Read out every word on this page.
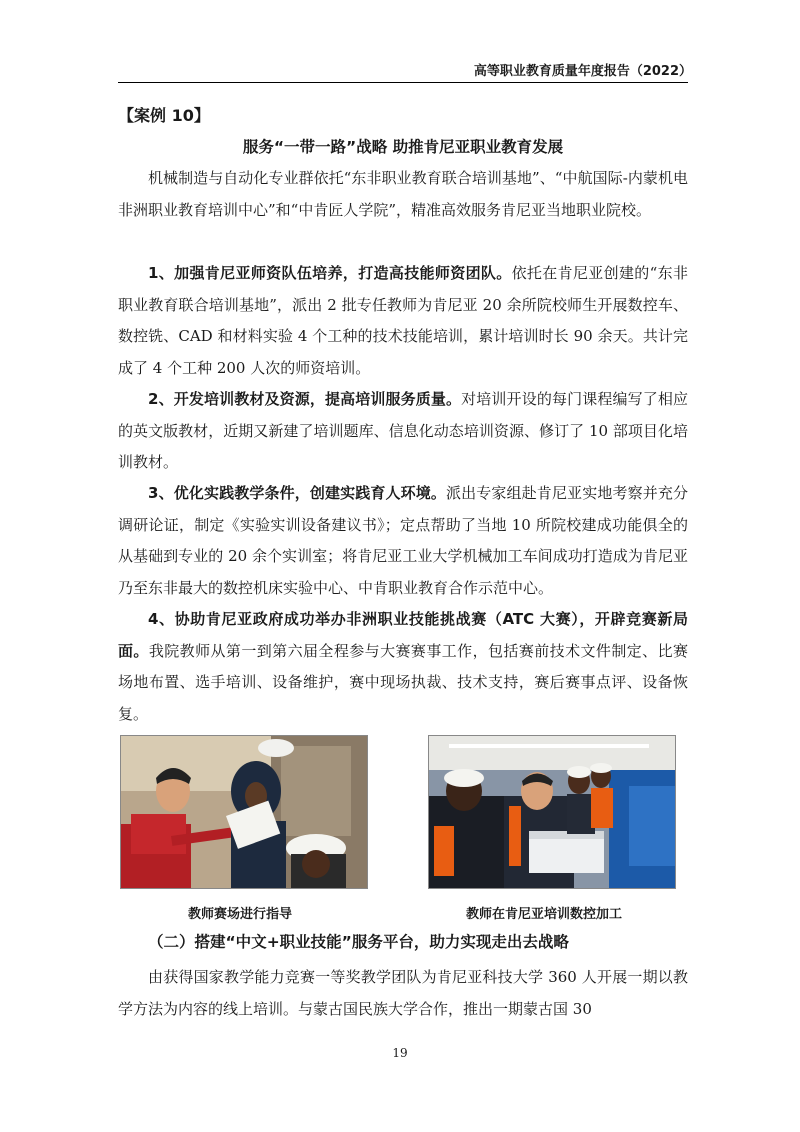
高等职业教育质量年度报告（2022）
【案例 10】
服务“一带一路”战略 助推肯尼亚职业教育发展

机械制造与自动化专业群依托“东非职业教育联合培训基地”、“中航国际-内蒙机电非洲职业教育培训中心”和“中肯匠人学院”，精准高效服务肯尼亚当地职业院校。

1、加强肯尼亚师资队伍培养，打造高技能师资团队。依托在肯尼亚创建的“东非职业教育联合培训基地”，派出 2 批专任教师为肯尼亚 20 余所院校师生开展数控车、数控铣、CAD 和材料实验 4 个工种的技术技能培训，累计培训时长 90 余天。共计完成了 4 个工种 200 人次的师资培训。

2、开发培训教材及资源，提高培训服务质量。对培训开设的每门课程编写了相应的英文版教材，近期又新建了培训题库、信息化动态培训资源、修订了 10 部项目化培训教材。

3、优化实践教学条件，创建实践育人环境。派出专家组赴肯尼亚实地考察并充分调研论证，制定《实验实训设备建议书》；定点帮助了当地 10 所院校建成功能俱全的从基础到专业的 20 余个实训室；将肯尼亚工业大学机械加工车间成功打造成为肯尼亚乃至东非最大的数控机床实验中心、中肯职业教育合作示范中心。

4、协助肯尼亚政府成功举办非洲职业技能挑战赛（ATC 大赛），开辟竞赛新局面。我院教师从第一到第六届全程参与大赛赛事工作，包括赛前技术文件制定、比赛场地布置、选手培训、设备维护，赛中现场执裁、技术支持，赛后赛事点评、设备恢复。

教师赛场进行指导	教师在肯尼亚培训数控加工
（二）搭建“中文+职业技能”服务平台，助力实现走出去战略

由获得国家教学能力竞赛一等奖教学团队为肯尼亚科技大学 360 人开展一期以教学方法为内容的线上培训。与蒙古国民族大学合作，推出一期蒙古国 30

19
